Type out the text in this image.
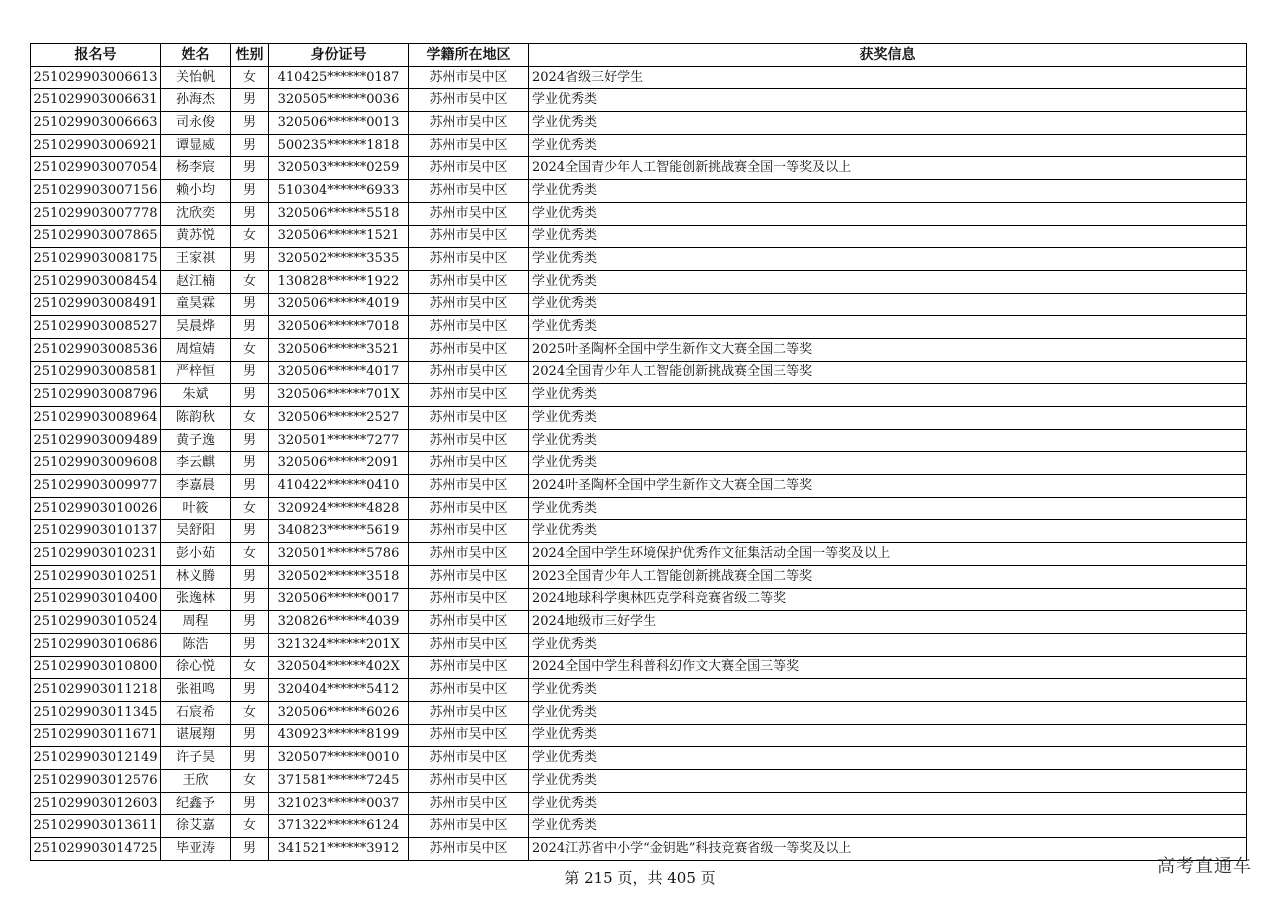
报名号	姓名	性别	身份证号	学籍所在地区	获奖信息
251029903006613	关怡帆	女	410425******0187	苏州市吴中区	2024省级三好学生
251029903006631	孙海杰	男	320505******0036	苏州市吴中区	学业优秀类
251029903006663	司永俊	男	320506******0013	苏州市吴中区	学业优秀类
251029903006921	谭显威	男	500235******1818	苏州市吴中区	学业优秀类
251029903007054	杨李宸	男	320503******0259	苏州市吴中区	2024全国青少年人工智能创新挑战赛全国一等奖及以上
251029903007156	赖小均	男	510304******6933	苏州市吴中区	学业优秀类
251029903007778	沈欣奕	男	320506******5518	苏州市吴中区	学业优秀类
251029903007865	黄苏悦	女	320506******1521	苏州市吴中区	学业优秀类
251029903008175	王家祺	男	320502******3535	苏州市吴中区	学业优秀类
251029903008454	赵江楠	女	130828******1922	苏州市吴中区	学业优秀类
251029903008491	童昊霖	男	320506******4019	苏州市吴中区	学业优秀类
251029903008527	吴晨烨	男	320506******7018	苏州市吴中区	学业优秀类
251029903008536	周煊婧	女	320506******3521	苏州市吴中区	2025叶圣陶杯全国中学生新作文大赛全国二等奖
251029903008581	严梓恒	男	320506******4017	苏州市吴中区	2024全国青少年人工智能创新挑战赛全国三等奖
251029903008796	朱斌	男	320506******701X	苏州市吴中区	学业优秀类
251029903008964	陈韵秋	女	320506******2527	苏州市吴中区	学业优秀类
251029903009489	黄子逸	男	320501******7277	苏州市吴中区	学业优秀类
251029903009608	李云麒	男	320506******2091	苏州市吴中区	学业优秀类
251029903009977	李嘉晨	男	410422******0410	苏州市吴中区	2024叶圣陶杯全国中学生新作文大赛全国二等奖
251029903010026	叶筱	女	320924******4828	苏州市吴中区	学业优秀类
251029903010137	吴舒阳	男	340823******5619	苏州市吴中区	学业优秀类
251029903010231	彭小茹	女	320501******5786	苏州市吴中区	2024全国中学生环境保护优秀作文征集活动全国一等奖及以上
251029903010251	林义腾	男	320502******3518	苏州市吴中区	2023全国青少年人工智能创新挑战赛全国二等奖
251029903010400	张逸林	男	320506******0017	苏州市吴中区	2024地球科学奥林匹克学科竞赛省级二等奖
251029903010524	周程	男	320826******4039	苏州市吴中区	2024地级市三好学生
251029903010686	陈浩	男	321324******201X	苏州市吴中区	学业优秀类
251029903010800	徐心悦	女	320504******402X	苏州市吴中区	2024全国中学生科普科幻作文大赛全国三等奖
251029903011218	张祖鸣	男	320404******5412	苏州市吴中区	学业优秀类
251029903011345	石宸希	女	320506******6026	苏州市吴中区	学业优秀类
251029903011671	谌展翔	男	430923******8199	苏州市吴中区	学业优秀类
251029903012149	许子昊	男	320507******0010	苏州市吴中区	学业优秀类
251029903012576	王欣	女	371581******7245	苏州市吴中区	学业优秀类
251029903012603	纪鑫予	男	321023******0037	苏州市吴中区	学业优秀类
251029903013611	徐艾嘉	女	371322******6124	苏州市吴中区	学业优秀类
251029903014725	毕亚涛	男	341521******3912	苏州市吴中区	2024江苏省中小学“金钥匙”科技竞赛省级一等奖及以上
第 215 页，共 405 页
高考直通车
